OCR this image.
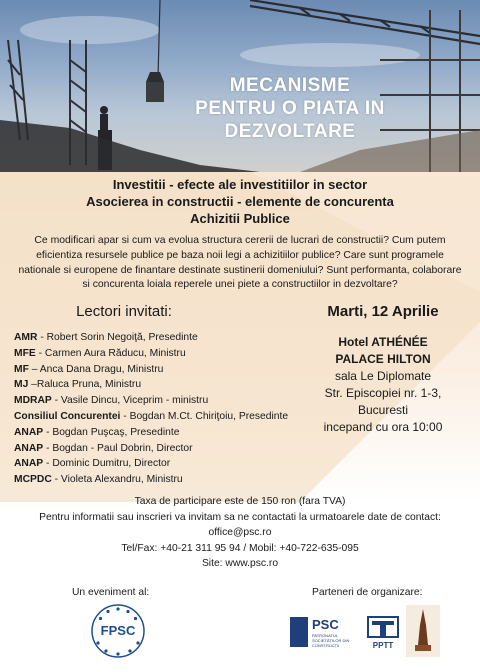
MECANISME
PENTRU O PIATA IN
DEZVOLTARE
Investitii - efecte ale investitiilor in sector
Asocierea in constructii - elemente de concurenta
Achizitii Publice
Ce modificari apar si cum va evolua structura cererii de lucrari de constructii? Cum putem eficientiza resursele publice pe baza noii legi a achizitiilor publice? Care sunt programele nationale si europene de finantare destinate sustinerii domeniului? Sunt performanta, colaborare si concurenta loiala reperele unei piete a constructiilor in dezvoltare?
Lectori invitati:
AMR - Robert Sorin Negoiţă, Presedinte
MFE - Carmen Aura Răducu, Ministru
MF – Anca Dana Dragu, Ministru
MJ –Raluca Pruna, Ministru
MDRAP - Vasile Dincu, Viceprim - ministru
Consiliul Concurentei - Bogdan M.Ct. Chiriţoiu, Presedinte
ANAP - Bogdan Puşcaş, Presedinte
ANAP - Bogdan - Paul Dobrin, Director
ANAP - Dominic Dumitru, Director
MCPDC - Violeta Alexandru, Ministru
Marti, 12 Aprilie
Hotel ATHÉNÉE
PALACE HILTON
sala Le Diplomate
Str. Episcopiei nr. 1-3,
Bucuresti
incepand cu ora 10:00
Taxa de participare este de 150 ron (fara TVA)
Pentru informatii sau inscrieri va invitam sa ne contactati la urmatoarele date de contact:
office@psc.ro
Tel/Fax: +40-21 311 95 94 / Mobil: +40-722-635-095
Site: www.psc.ro
Un eveniment al:	Parteneri de organizare:
FPSC	PSC
PATRONATUL SOCIETĂȚILOR DIN CONSTRUCȚII	PPTT
